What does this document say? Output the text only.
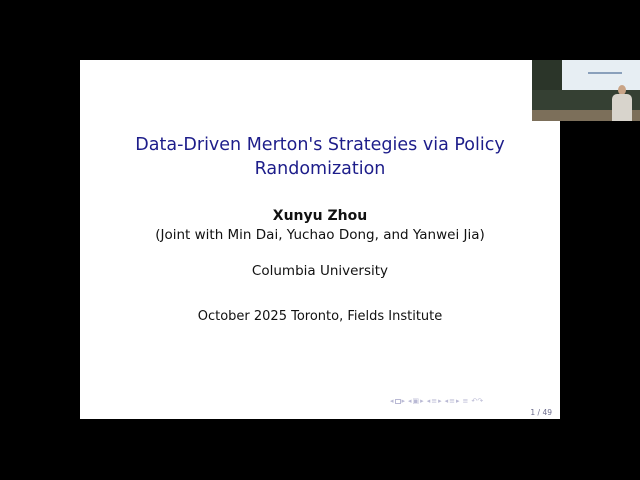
Data-Driven Merton's Strategies via Policy
Randomization
Xunyu Zhou
(Joint with Min Dai, Yuchao Dong, and Yanwei Jia)
Columbia University
October 2025 Toronto, Fields Institute
◂ ▸ ◂ ▣ ▸ ◂ ≡ ▸ ◂ ≡ ▸ ≡ ↶↷
1 / 49
